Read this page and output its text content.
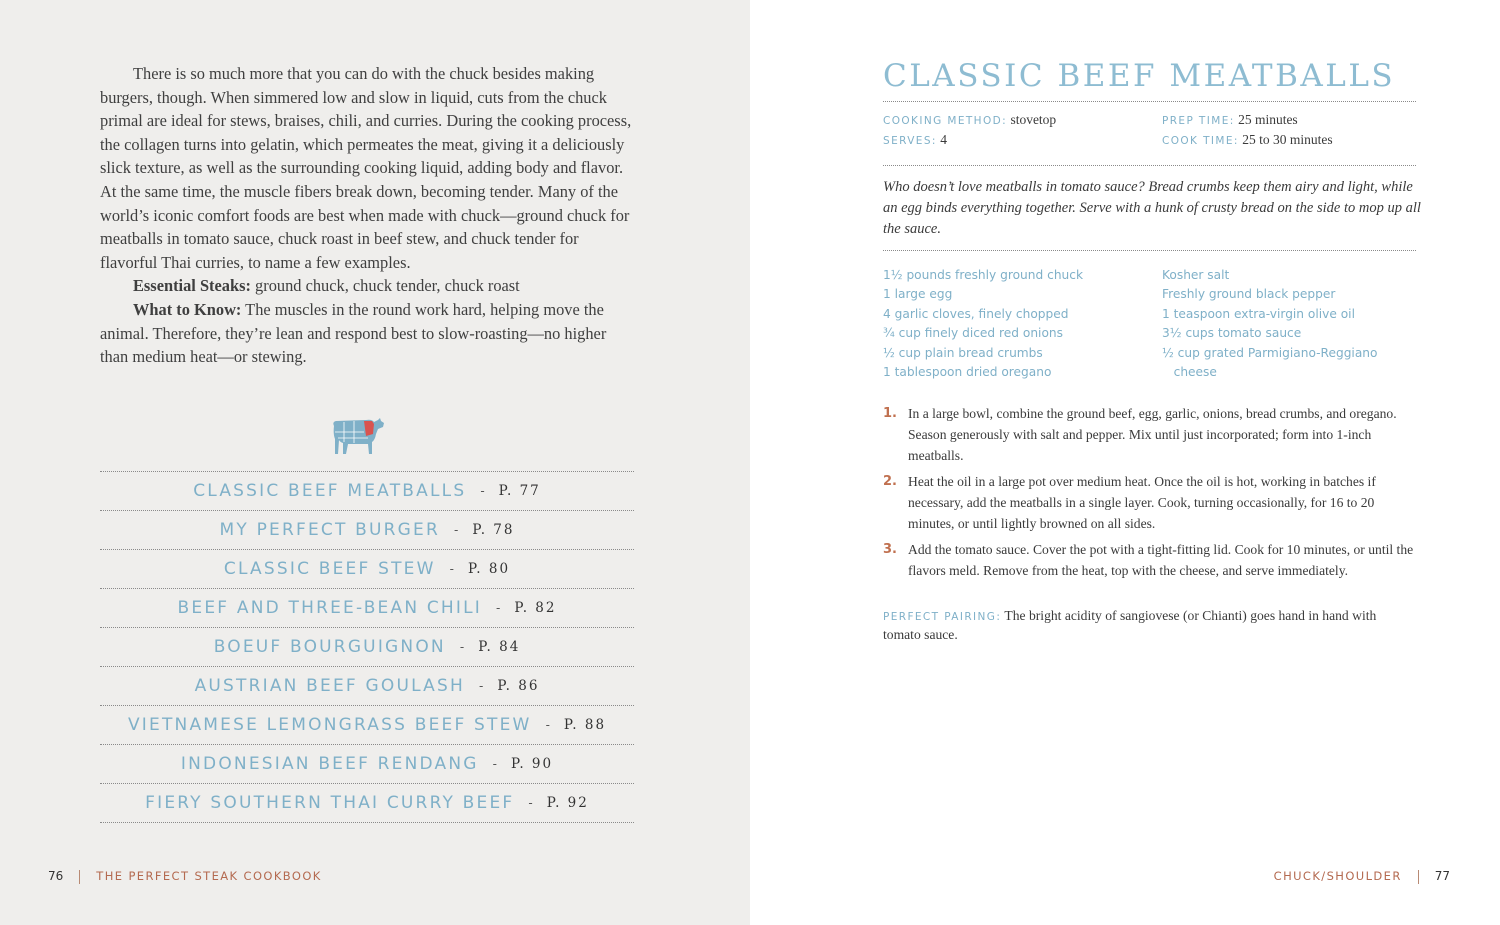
There is so much more that you can do with the chuck besides making burgers, though. When simmered low and slow in liquid, cuts from the chuck primal are ideal for stews, braises, chili, and curries. During the cooking process, the collagen turns into gelatin, which permeates the meat, giving it a deliciously slick texture, as well as the surrounding cooking liquid, adding body and flavor. At the same time, the muscle fibers break down, becoming tender. Many of the world’s iconic comfort foods are best when made with chuck—ground chuck for meatballs in tomato sauce, chuck roast in beef stew, and chuck tender for flavorful Thai curries, to name a few examples.

Essential Steaks: ground chuck, chuck tender, chuck roast

What to Know: The muscles in the round work hard, helping move the animal. Therefore, they’re lean and respond best to slow-roasting—no higher than medium heat—or stewing.

CLASSIC BEEF MEATBALLS - P. 77
MY PERFECT BURGER - P. 78
CLASSIC BEEF STEW - P. 80
BEEF AND THREE-BEAN CHILI - P. 82
BOEUF BOURGUIGNON - P. 84
AUSTRIAN BEEF GOULASH - P. 86
VIETNAMESE LEMONGRASS BEEF STEW - P. 88
INDONESIAN BEEF RENDANG - P. 90
FIERY SOUTHERN THAI CURRY BEEF - P. 92
76	THE PERFECT STEAK COOKBOOK
CLASSIC BEEF MEATBALLS
COOKING METHOD: stovetop
SERVES: 4
PREP TIME: 25 minutes
COOK TIME: 25 to 30 minutes
Who doesn’t love meatballs in tomato sauce? Bread crumbs keep them airy and light, while an egg binds everything together. Serve with a hunk of crusty bread on the side to mop up all the sauce.
1½ pounds freshly ground chuck
1 large egg
4 garlic cloves, finely chopped
¾ cup finely diced red onions
½ cup plain bread crumbs
1 tablespoon dried oregano
Kosher salt
Freshly ground black pepper
1 teaspoon extra-virgin olive oil
3½ cups tomato sauce
½ cup grated Parmigiano-Reggiano
cheese
1. In a large bowl, combine the ground beef, egg, garlic, onions, bread crumbs, and oregano. Season generously with salt and pepper. Mix until just incorporated; form into 1-inch meatballs.
2. Heat the oil in a large pot over medium heat. Once the oil is hot, working in batches if necessary, add the meatballs in a single layer. Cook, turning occasionally, for 16 to 20 minutes, or until lightly browned on all sides.
3. Add the tomato sauce. Cover the pot with a tight-fitting lid. Cook for 10 minutes, or until the flavors meld. Remove from the heat, top with the cheese, and serve immediately.
PERFECT PAIRING: The bright acidity of sangiovese (or Chianti) goes hand in hand with tomato sauce.
CHUCK/SHOULDER	77
